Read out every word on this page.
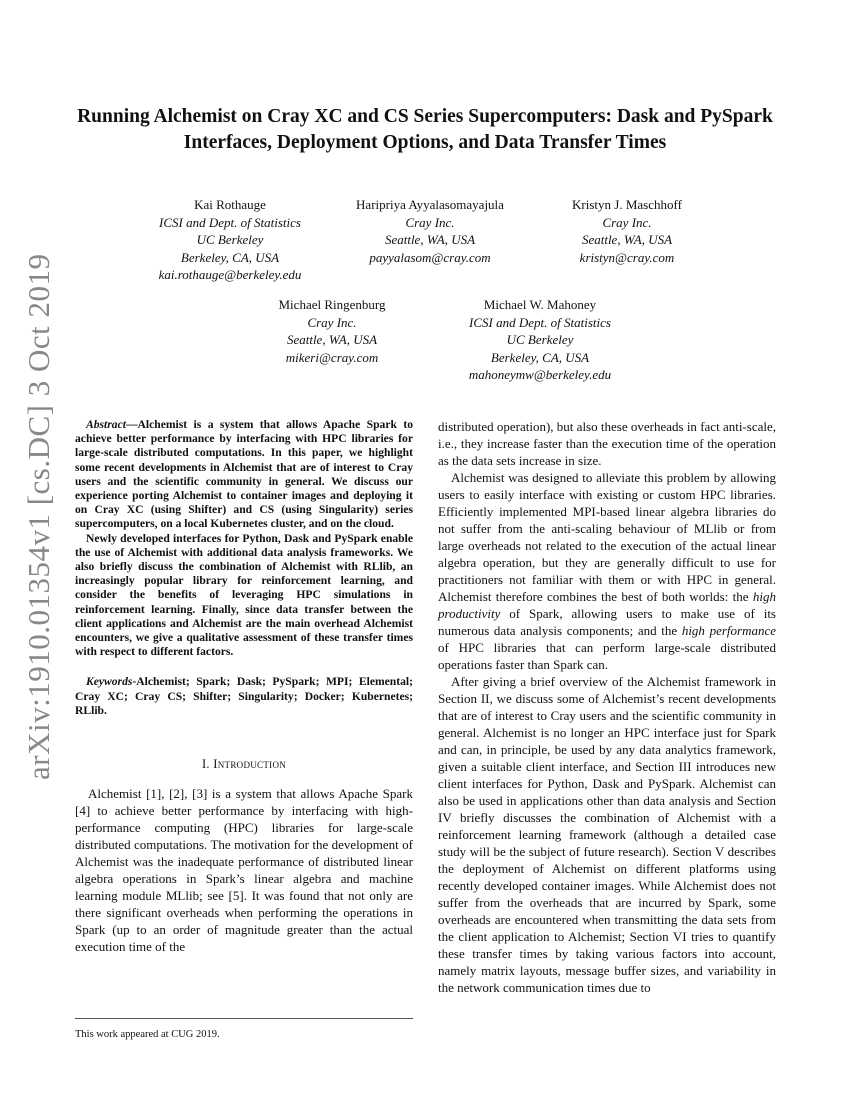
Running Alchemist on Cray XC and CS Series Supercomputers: Dask and PySpark
Interfaces, Deployment Options, and Data Transfer Times
Kai Rothauge
ICSI and Dept. of Statistics
UC Berkeley
Berkeley, CA, USA
kai.rothauge@berkeley.edu
Haripriya Ayyalasomayajula
Cray Inc.
Seattle, WA, USA
payyalasom@cray.com
Kristyn J. Maschhoff
Cray Inc.
Seattle, WA, USA
kristyn@cray.com
Michael Ringenburg
Cray Inc.
Seattle, WA, USA
mikeri@cray.com
Michael W. Mahoney
ICSI and Dept. of Statistics
UC Berkeley
Berkeley, CA, USA
mahoneymw@berkeley.edu
arXiv:1910.01354v1 [cs.DC] 3 Oct 2019	Abstract—Alchemist is a system that allows Apache Spark to achieve better performance by interfacing with HPC libraries for large-scale distributed computations. In this paper, we highlight some recent developments in Alchemist that are of interest to Cray users and the scientific community in general. We discuss our experience porting Alchemist to container images and deploying it on Cray XC (using Shifter) and CS (using Singularity) series supercomputers, on a local Kubernetes cluster, and on the cloud.

Newly developed interfaces for Python, Dask and PySpark enable the use of Alchemist with additional data analysis frameworks. We also briefly discuss the combination of Alchemist with RLlib, an increasingly popular library for reinforcement learning, and consider the benefits of leveraging HPC simulations in reinforcement learning. Finally, since data transfer between the client applications and Alchemist are the main overhead Alchemist encounters, we give a qualitative assessment of these transfer times with respect to different factors.

Keywords-Alchemist; Spark; Dask; PySpark; MPI; Elemental; Cray XC; Cray CS; Shifter; Singularity; Docker; Kubernetes; RLlib.
I. Introduction

Alchemist [1], [2], [3] is a system that allows Apache Spark [4] to achieve better performance by interfacing with high-performance computing (HPC) libraries for large-scale distributed computations. The motivation for the development of Alchemist was the inadequate performance of distributed linear algebra operations in Spark’s linear algebra and machine learning module MLlib; see [5]. It was found that not only are there significant overheads when performing the operations in Spark (up to an order of magnitude greater than the actual execution time of the

distributed operation), but also these overheads in fact anti-scale, i.e., they increase faster than the execution time of the operation as the data sets increase in size.

Alchemist was designed to alleviate this problem by allowing users to easily interface with existing or custom HPC libraries. Efficiently implemented MPI-based linear algebra libraries do not suffer from the anti-scaling behaviour of MLlib or from large overheads not related to the execution of the actual linear algebra operation, but they are generally difficult to use for practitioners not familiar with them or with HPC in general. Alchemist therefore combines the best of both worlds: the high productivity of Spark, allowing users to make use of its numerous data analysis components; and the high performance of HPC libraries that can perform large-scale distributed operations faster than Spark can.

After giving a brief overview of the Alchemist framework in Section II, we discuss some of Alchemist’s recent developments that are of interest to Cray users and the scientific community in general. Alchemist is no longer an HPC interface just for Spark and can, in principle, be used by any data analytics framework, given a suitable client interface, and Section III introduces new client interfaces for Python, Dask and PySpark. Alchemist can also be used in applications other than data analysis and Section IV briefly discusses the combination of Alchemist with a reinforcement learning framework (although a detailed case study will be the subject of future research). Section V describes the deployment of Alchemist on different platforms using recently developed container images. While Alchemist does not suffer from the overheads that are incurred by Spark, some overheads are encountered when transmitting the data sets from the client application to Alchemist; Section VI tries to quantify these transfer times by taking various factors into account, namely matrix layouts, message buffer sizes, and variability in the network communication times due to

This work appeared at CUG 2019.
